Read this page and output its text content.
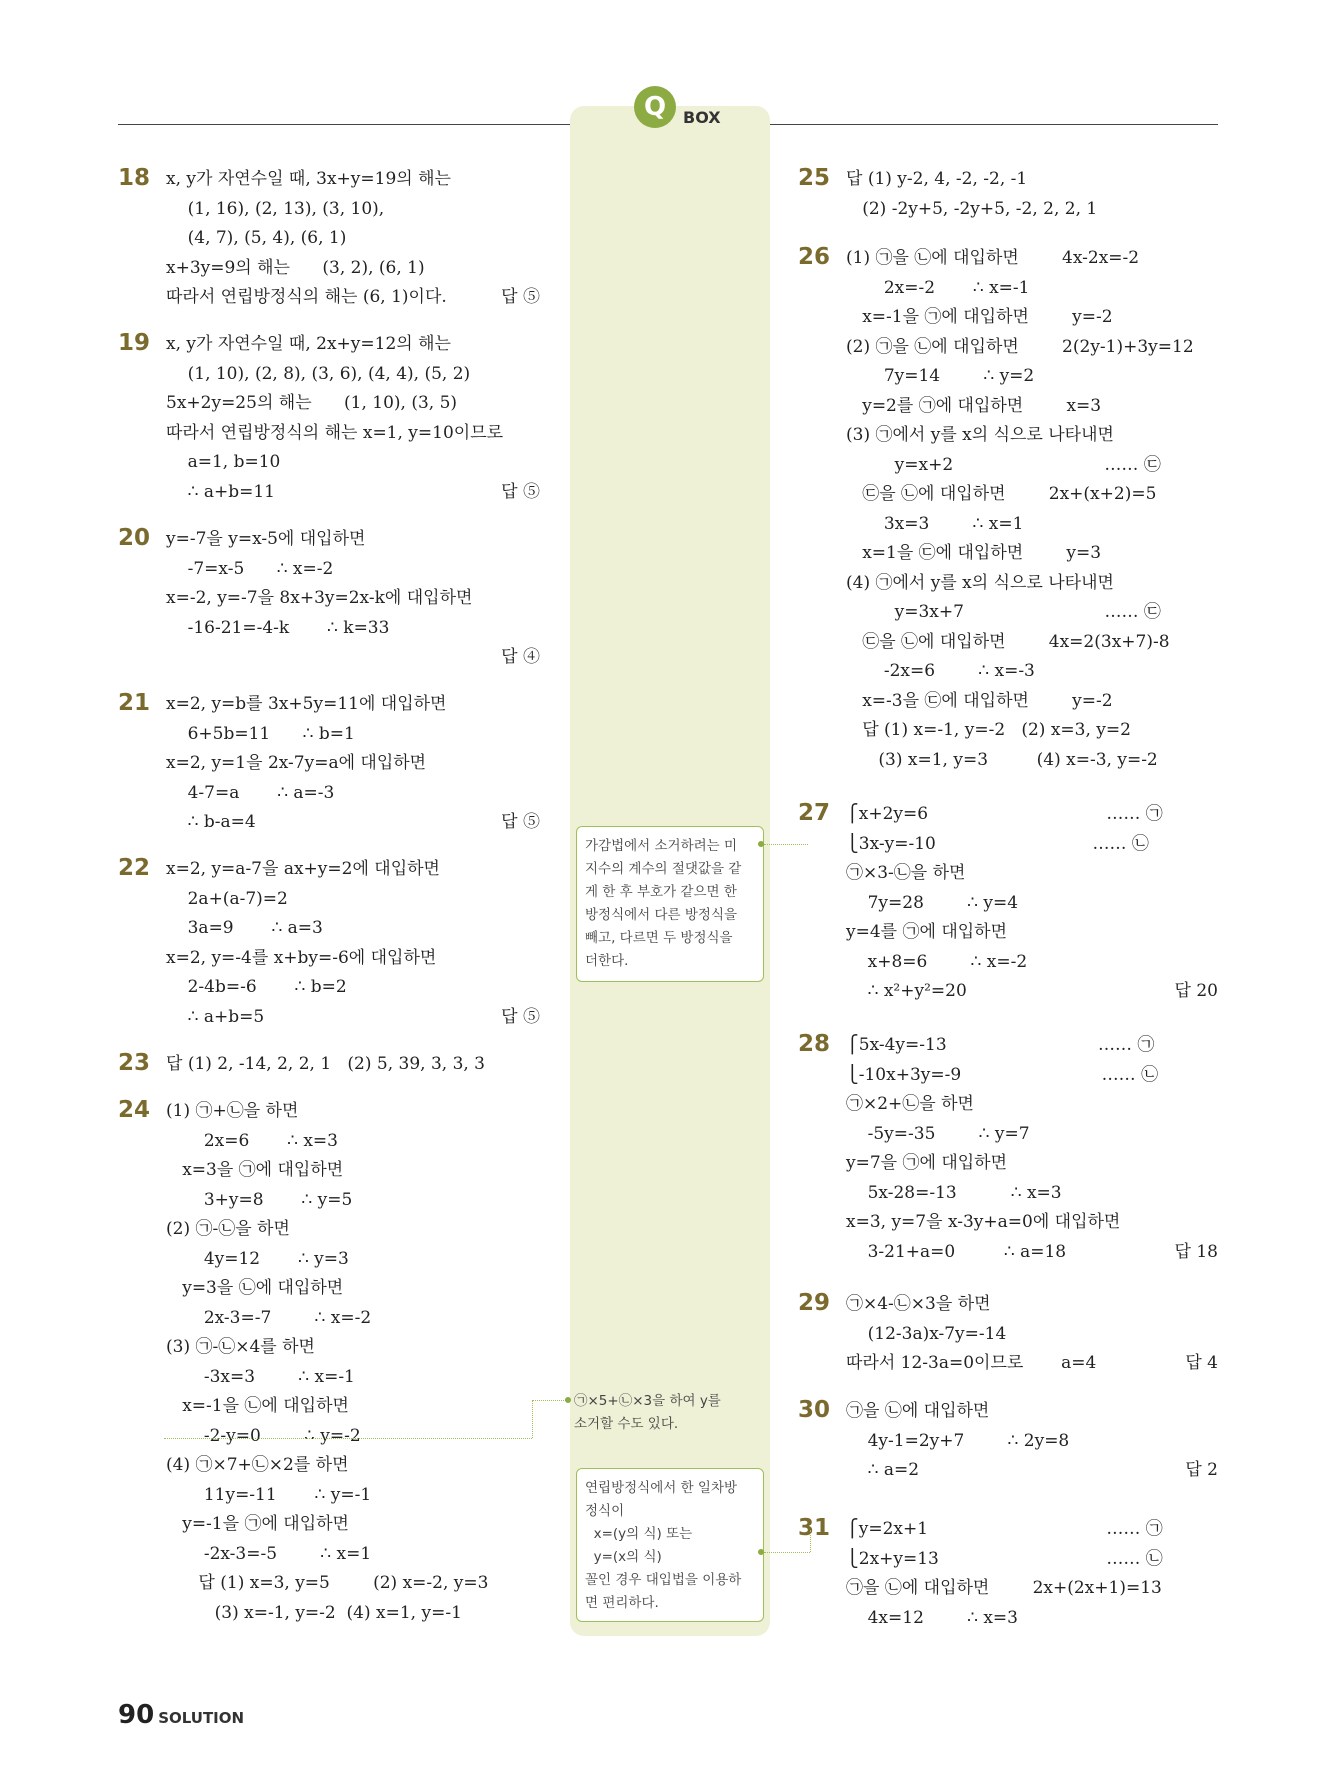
Q	BOX
18 x, y가 자연수일 때, 3x+y=19의 해는
(1, 16), (2, 13), (3, 10),
(4, 7), (5, 4), (6, 1)
x+3y=9의 해는      (3, 2), (6, 1)
따라서 연립방정식의 해는 (6, 1)이다.	답 ⑤
19 x, y가 자연수일 때, 2x+y=12의 해는
(1, 10), (2, 8), (3, 6), (4, 4), (5, 2)
5x+2y=25의 해는      (1, 10), (3, 5)
따라서 연립방정식의 해는 x=1, y=10이므로
a=1, b=10
∴ a+b=11	답 ⑤
20 y=-7을 y=x-5에 대입하면
-7=x-5      ∴ x=-2
x=-2, y=-7을 8x+3y=2x-k에 대입하면
-16-21=-4-k       ∴ k=33
답 ④
21 x=2, y=b를 3x+5y=11에 대입하면
6+5b=11      ∴ b=1
x=2, y=1을 2x-7y=a에 대입하면
4-7=a       ∴ a=-3
∴ b-a=4	답 ⑤
22 x=2, y=a-7을 ax+y=2에 대입하면
2a+(a-7)=2
3a=9       ∴ a=3
x=2, y=-4를 x+by=-6에 대입하면
2-4b=-6       ∴ b=2
∴ a+b=5	답 ⑤
23 답 (1) 2, -14, 2, 2, 1   (2) 5, 39, 3, 3, 3
24 (1) ㉠+㉡을 하면
2x=6       ∴ x=3
x=3을 ㉠에 대입하면
3+y=8       ∴ y=5
(2) ㉠-㉡을 하면
4y=12       ∴ y=3
y=3을 ㉡에 대입하면
2x-3=-7        ∴ x=-2
(3) ㉠-㉡×4를 하면
-3x=3        ∴ x=-1
x=-1을 ㉡에 대입하면
-2-y=0        ∴ y=-2
(4) ㉠×7+㉡×2를 하면
11y=-11       ∴ y=-1
y=-1을 ㉠에 대입하면
-2x-3=-5        ∴ x=1
답 (1) x=3, y=5        (2) x=-2, y=3
(3) x=-1, y=-2  (4) x=1, y=-1
25 답 (1) y-2, 4, -2, -2, -1
(2) -2y+5, -2y+5, -2, 2, 2, 1
26 (1) ㉠을 ㉡에 대입하면        4x-2x=-2
2x=-2       ∴ x=-1
x=-1을 ㉠에 대입하면        y=-2
(2) ㉠을 ㉡에 대입하면        2(2y-1)+3y=12
7y=14        ∴ y=2
y=2를 ㉠에 대입하면        x=3
(3) ㉠에서 y를 x의 식으로 나타내면
y=x+2                            …… ㉢
㉢을 ㉡에 대입하면        2x+(x+2)=5
3x=3        ∴ x=1
x=1을 ㉢에 대입하면        y=3
(4) ㉠에서 y를 x의 식으로 나타내면
y=3x+7                          …… ㉢
㉢을 ㉡에 대입하면        4x=2(3x+7)-8
-2x=6        ∴ x=-3
x=-3을 ㉢에 대입하면        y=-2
답 (1) x=-1, y=-2   (2) x=3, y=2
(3) x=1, y=3         (4) x=-3, y=-2
27 ⎧x+2y=6                                 …… ㉠
⎩3x-y=-10                             …… ㉡
㉠×3-㉡을 하면
7y=28        ∴ y=4
y=4를 ㉠에 대입하면
x+8=6        ∴ x=-2
∴ x²+y²=20	답 20
28 ⎧5x-4y=-13                            …… ㉠
⎩-10x+3y=-9                          …… ㉡
㉠×2+㉡을 하면
-5y=-35        ∴ y=7
y=7을 ㉠에 대입하면
5x-28=-13          ∴ x=3
x=3, y=7을 x-3y+a=0에 대입하면
3-21+a=0         ∴ a=18	답 18
29 ㉠×4-㉡×3을 하면
(12-3a)x-7y=-14
따라서 12-3a=0이므로       a=4	답 4
30 ㉠을 ㉡에 대입하면
4y-1=2y+7        ∴ 2y=8
∴ a=2	답 2
31 ⎧y=2x+1                                 …… ㉠
⎩2x+y=13                               …… ㉡
㉠을 ㉡에 대입하면        2x+(2x+1)=13
4x=12        ∴ x=3
가감법에서 소거하려는 미
지수의 계수의 절댓값을 같
게 한 후 부호가 같으면 한
방정식에서 다른 방정식을
빼고, 다르면 두 방정식을
더한다.
㉠×5+㉡×3을 하여 y를
소거할 수도 있다.
연립방정식에서 한 일차방
정식이
x=(y의 식) 또는
y=(x의 식)
꼴인 경우 대입법을 이용하
면 편리하다.
90 SOLUTION
